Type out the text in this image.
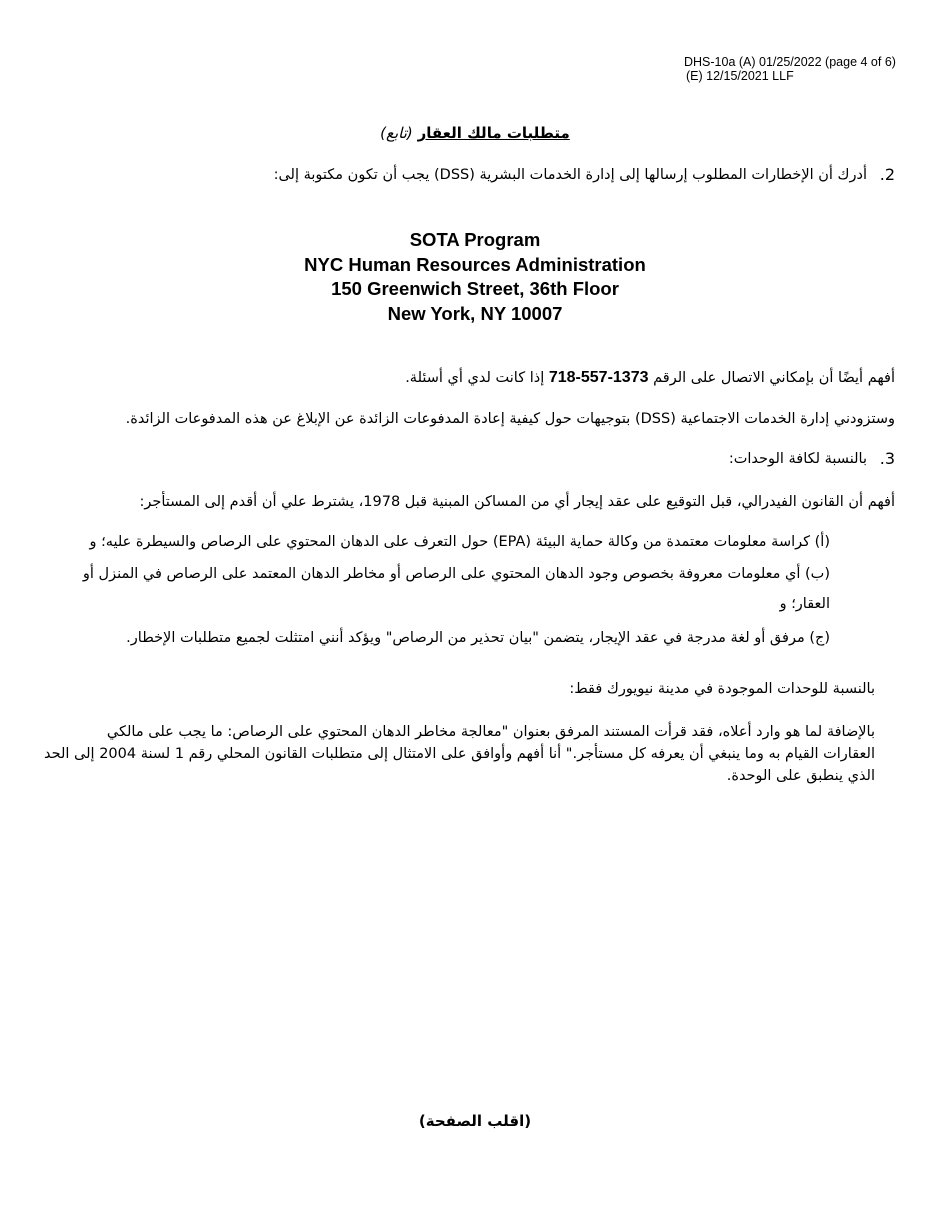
DHS-10a (A) 01/25/2022 (page 4 of 6)
(E) 12/15/2021 LLF
متطلبات مالك العقار (تابع)
2.
أدرك أن الإخطارات المطلوب إرسالها إلى إدارة الخدمات البشرية (DSS) يجب أن تكون مكتوبة إلى:
SOTA Program
NYC Human Resources Administration
150 Greenwich Street, 36th Floor
New York, NY 10007
أفهم أيضًا أن بإمكاني الاتصال على الرقم 718-557-1373 إذا كانت لدي أي أسئلة.
وستزودني إدارة الخدمات الاجتماعية (DSS) بتوجيهات حول كيفية إعادة المدفوعات الزائدة عن الإبلاغ عن هذه المدفوعات الزائدة.
3.
بالنسبة لكافة الوحدات:
أفهم أن القانون الفيدرالي، قبل التوقيع على عقد إيجار أي من المساكن المبنية قبل 1978، يشترط علي أن أقدم إلى المستأجر:
(أ) كراسة معلومات معتمدة من وكالة حماية البيئة (EPA) حول التعرف على الدهان المحتوي على الرصاص والسيطرة عليه؛ و
(ب) أي معلومات معروفة بخصوص وجود الدهان المحتوي على الرصاص أو مخاطر الدهان المعتمد على الرصاص في المنزل أو
العقار؛ و
(ج) مرفق أو لغة مدرجة في عقد الإيجار، يتضمن "بيان تحذير من الرصاص" ويؤكد أنني امتثلت لجميع متطلبات الإخطار.
بالنسبة للوحدات الموجودة في مدينة نيويورك فقط:
بالإضافة لما هو وارد أعلاه، فقد قرأت المستند المرفق بعنوان "معالجة مخاطر الدهان المحتوي على الرصاص: ما يجب على مالكي
العقارات القيام به وما ينبغي أن يعرفه كل مستأجر." أنا أفهم وأوافق على الامتثال إلى متطلبات القانون المحلي رقم 1 لسنة 2004 إلى الحد
الذي ينطبق على الوحدة.
(اقلب الصفحة)
